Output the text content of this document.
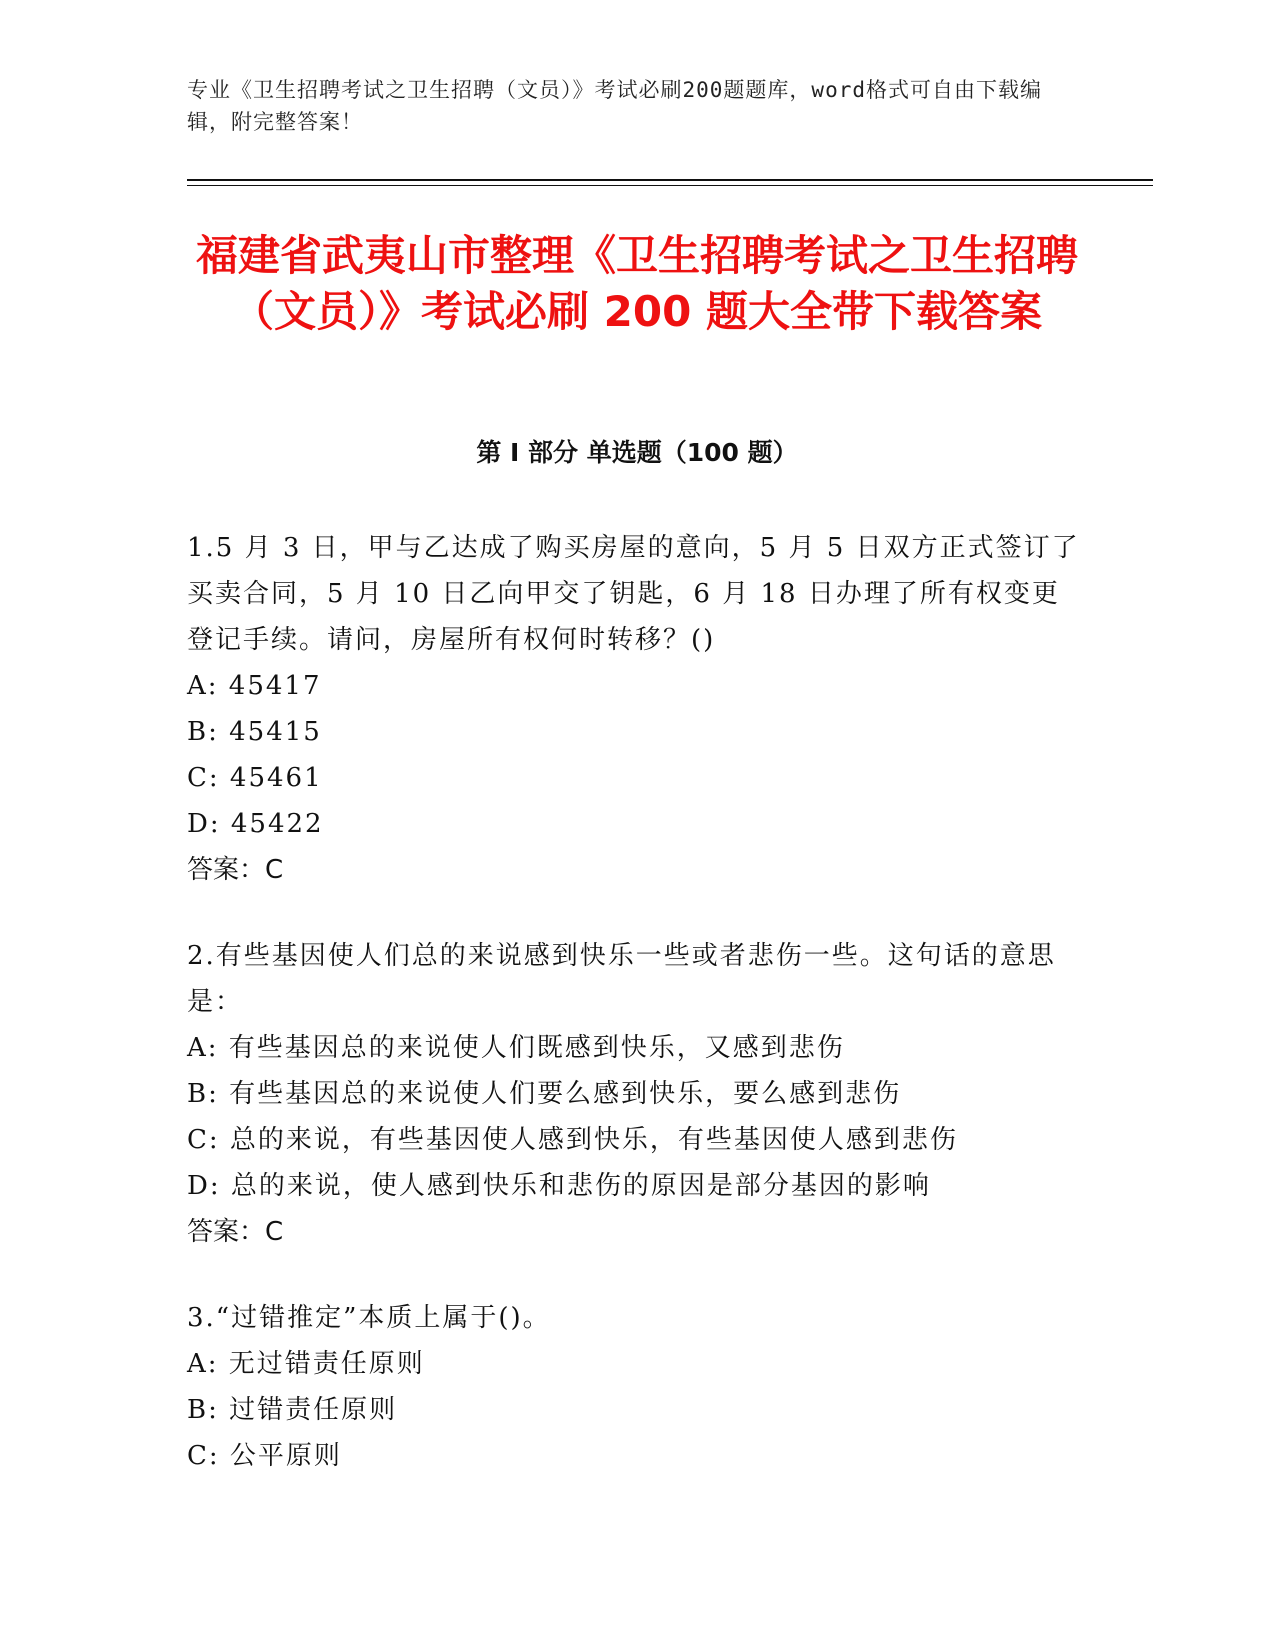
专业《卫生招聘考试之卫生招聘（文员）》考试必刷200题题库，word格式可自由下载编辑，附完整答案！
福建省武夷山市整理《卫生招聘考试之卫生招聘（文员）》考试必刷 200 题大全带下载答案
第 I 部分 单选题（100 题）

1.5 月 3 日，甲与乙达成了购买房屋的意向，5 月 5 日双方正式签订了买卖合同，5 月 10 日乙向甲交了钥匙，6 月 18 日办理了所有权变更登记手续。请问，房屋所有权何时转移？()

A: 45417

B: 45415

C: 45461

D: 45422

答案：C

2.有些基因使人们总的来说感到快乐一些或者悲伤一些。这句话的意思是：

A: 有些基因总的来说使人们既感到快乐，又感到悲伤

B: 有些基因总的来说使人们要么感到快乐，要么感到悲伤

C: 总的来说，有些基因使人感到快乐，有些基因使人感到悲伤

D: 总的来说，使人感到快乐和悲伤的原因是部分基因的影响

答案：C

3.“过错推定”本质上属于()。

A: 无过错责任原则

B: 过错责任原则

C: 公平原则
